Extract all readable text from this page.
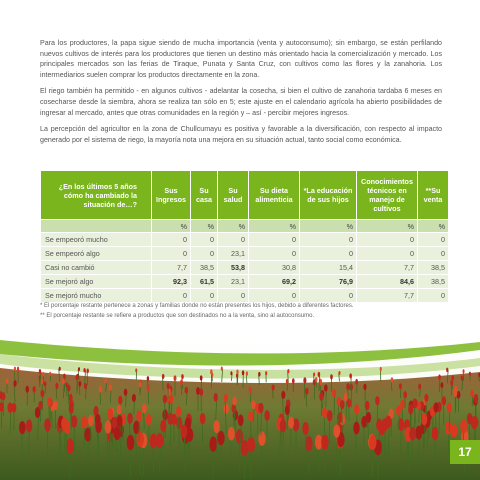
Para los productores, la papa sigue siendo de mucha importancia (venta y autoconsumo); sin embargo, se están perfilando nuevos cultivos de interés para los productores que tienen un destino más orientado hacia la comercialización y mercado. Los principales mercados son las ferias de Tiraque, Punata y Santa Cruz, con cultivos como las flores y la zanahoria. Los intermediarios suelen comprar los productos directamente en la zona.

El riego también ha permitido - en algunos cultivos - adelantar la cosecha, si bien el cultivo de zanahoria tardaba 6 meses en cosecharse desde la siembra, ahora se realiza tan sólo en 5; este ajuste en el calendario agrícola ha abierto posibilidades de ingresar al mercado, antes que otras comunidades en la región y – así - percibir mejores ingresos.

La percepción del agricultor en la zona de Chullcumayu es positiva y favorable a la diversificación, con respecto al impacto generado por el sistema de riego, la mayoría nota una mejora en su situación actual, tanto social como económica.

¿En los últimos 5 años cómo ha cambiado la situación de…?	Sus Ingresos	Su casa	Su salud	Su dieta alimenticia	*La educación de sus hijos	Conocimientos técnicos en manejo de cultivos	**Su venta
	%	%	%	%	%	%	%
Se empeoró mucho	0	0	0	0	0	0	0
Se empeoró algo	0	0	23,1	0	0	0	0
Casi no cambió	7,7	38,5	53,8	30,8	15,4	7,7	38,5
Se mejoró algo	92,3	61,5	23,1	69,2	76,9	84,6	38,5
Se mejoró mucho	0	0	0	0	0	7,7	0

* El porcentaje restante pertenece a zonas y familias donde no están presentes los hijos, debido a diferentes factores.

** El porcentaje restante se refiere a productos que son destinados no a la venta, sino al autoconsumo.

17
